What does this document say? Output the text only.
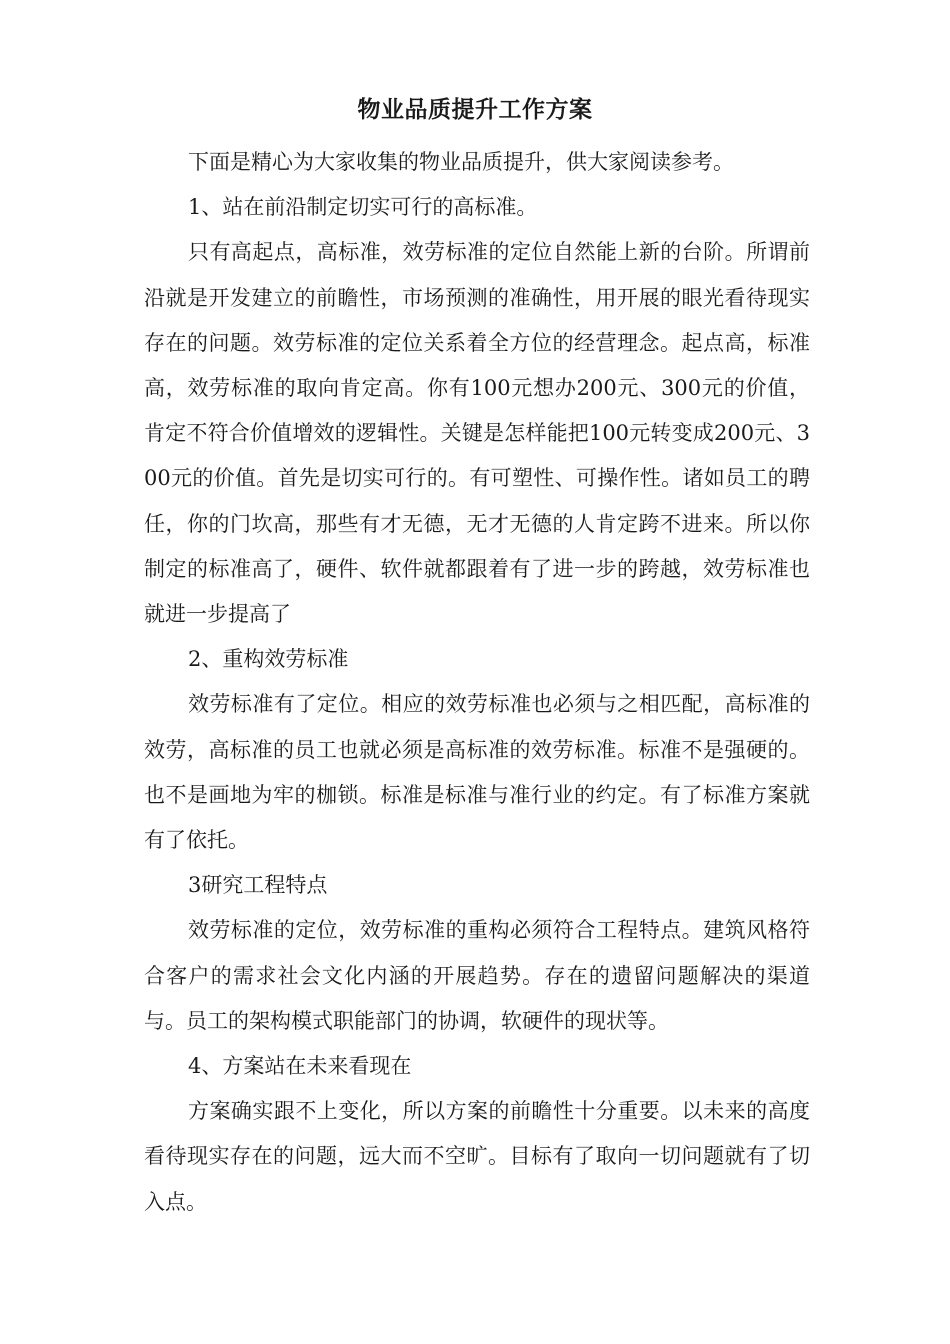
物业品质提升工作方案

下面是精心为大家收集的物业品质提升，供大家阅读参考。

1、站在前沿制定切实可行的高标准。

只有高起点，高标准，效劳标准的定位自然能上新的台阶。所谓前沿就是开发建立的前瞻性，市场预测的准确性，用开展的眼光看待现实存在的问题。效劳标准的定位关系着全方位的经营理念。起点高，标准高，效劳标准的取向肯定高。你有100元想办200元、300元的价值，肯定不符合价值增效的逻辑性。关键是怎样能把100元转变成200元、300元的价值。首先是切实可行的。有可塑性、可操作性。诸如员工的聘任，你的门坎高，那些有才无德，无才无德的人肯定跨不进来。所以你制定的标准高了，硬件、软件就都跟着有了进一步的跨越，效劳标准也就进一步提高了

2、重构效劳标准

效劳标准有了定位。相应的效劳标准也必须与之相匹配，高标准的效劳，高标准的员工也就必须是高标准的效劳标准。标准不是强硬的。也不是画地为牢的枷锁。标准是标准与准行业的约定。有了标准方案就有了依托。

3研究工程特点

效劳标准的定位，效劳标准的重构必须符合工程特点。建筑风格符合客户的需求社会文化内涵的开展趋势。存在的遗留问题解决的渠道与。员工的架构模式职能部门的协调，软硬件的现状等。

4、方案站在未来看现在

方案确实跟不上变化，所以方案的前瞻性十分重要。以未来的高度看待现实存在的问题，远大而不空旷。目标有了取向一切问题就有了切入点。
